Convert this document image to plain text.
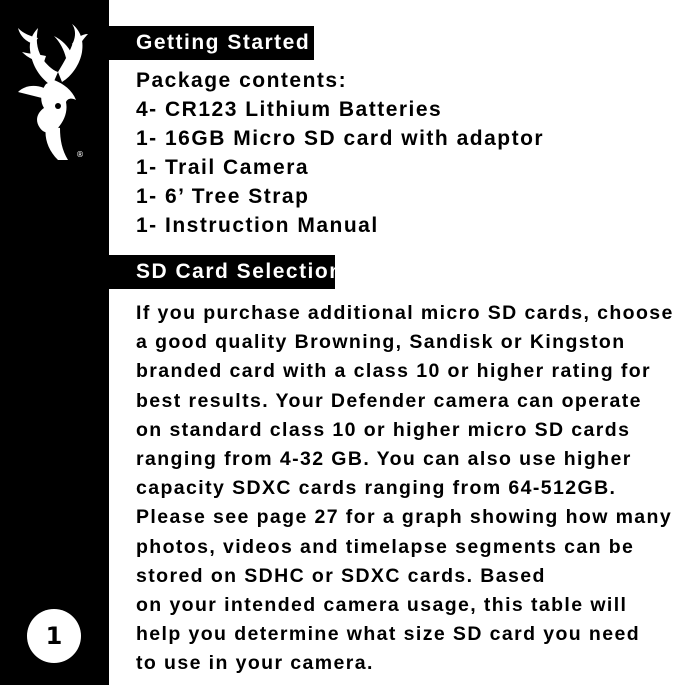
®
1
Getting Started
Package contents:
4- CR123 Lithium Batteries
1- 16GB Micro SD card with adaptor
1- Trail Camera
1- 6’ Tree Strap
1- Instruction Manual
SD Card Selection
If you purchase additional micro SD cards, choose
a good quality Browning, Sandisk or Kingston
branded card with a class 10 or higher rating for
best results. Your Defender camera can operate
on standard class 10 or higher micro SD cards
ranging from 4-32 GB. You can also use higher
capacity SDXC cards ranging from 64-512GB.
Please see page 27 for a graph showing how many
photos, videos and timelapse segments can be
stored on SDHC or SDXC cards. Based
on your intended camera usage, this table will
help you determine what size SD card you need
to use in your camera.
